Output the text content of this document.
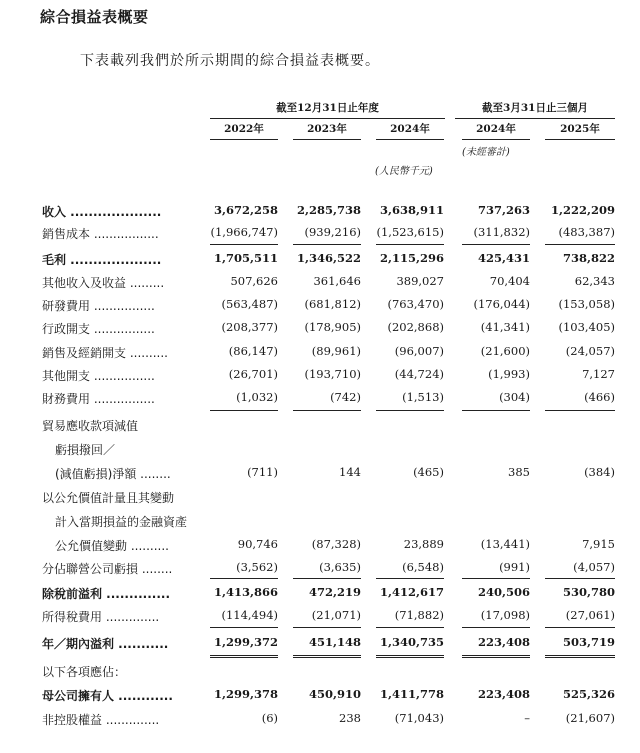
綜合損益表概要
下表載列我們於所示期間的綜合損益表概要。
截至12月31日止年度	截至3月31日止三個月
2022年	2023年	2024年	2024年	2025年
(未經審計)
(人民幣千元)
收入 ....................	3,672,258 2,285,738 3,638,911	737,263 1,222,209
銷售成本 .................	(1,966,747) (939,216) (1,523,615)	(311,832) (483,387)
毛利 ....................	1,705,511 1,346,522 2,115,296	425,431	738,822
其他收入及收益 .........	507,626	361,646	389,027	70,404	62,343
研發費用 ................	(563,487) (681,812) (763,470)	(176,044) (153,058)
行政開支 ................	(208,377) (178,905) (202,868)	(41,341) (103,405)
銷售及經銷開支 ..........	(86,147)	(89,961)	(96,007)	(21,600)	(24,057)
其他開支 ................	(26,701) (193,710)	(44,724)	(1,993)	7,127
財務費用 ................	(1,032)	(742)	(1,513)	(304)	(466)
貿易應收款項減值
虧損撥回／
(減值虧損)淨額 ........	(711)	144	(465)	385	(384)
以公允價值計量且其變動
計入當期損益的金融資產
公允價值變動 ..........	90,746	(87,328)	23,889	(13,441)	7,915
分佔聯營公司虧損 ........	(3,562)	(3,635)	(6,548)	(991)	(4,057)
除稅前溢利 ..............	1,413,866	472,219 1,412,617	240,506	530,780
所得稅費用 ..............	(114,494)	(21,071)	(71,882)	(17,098)	(27,061)
年／期內溢利 ...........	1,299,372	451,148 1,340,735	223,408	503,719
以下各項應佔：
母公司擁有人 ............	1,299,378	450,910 1,411,778	223,408	525,326
非控股權益 ..............	(6)	238	(71,043)	–	(21,607)
